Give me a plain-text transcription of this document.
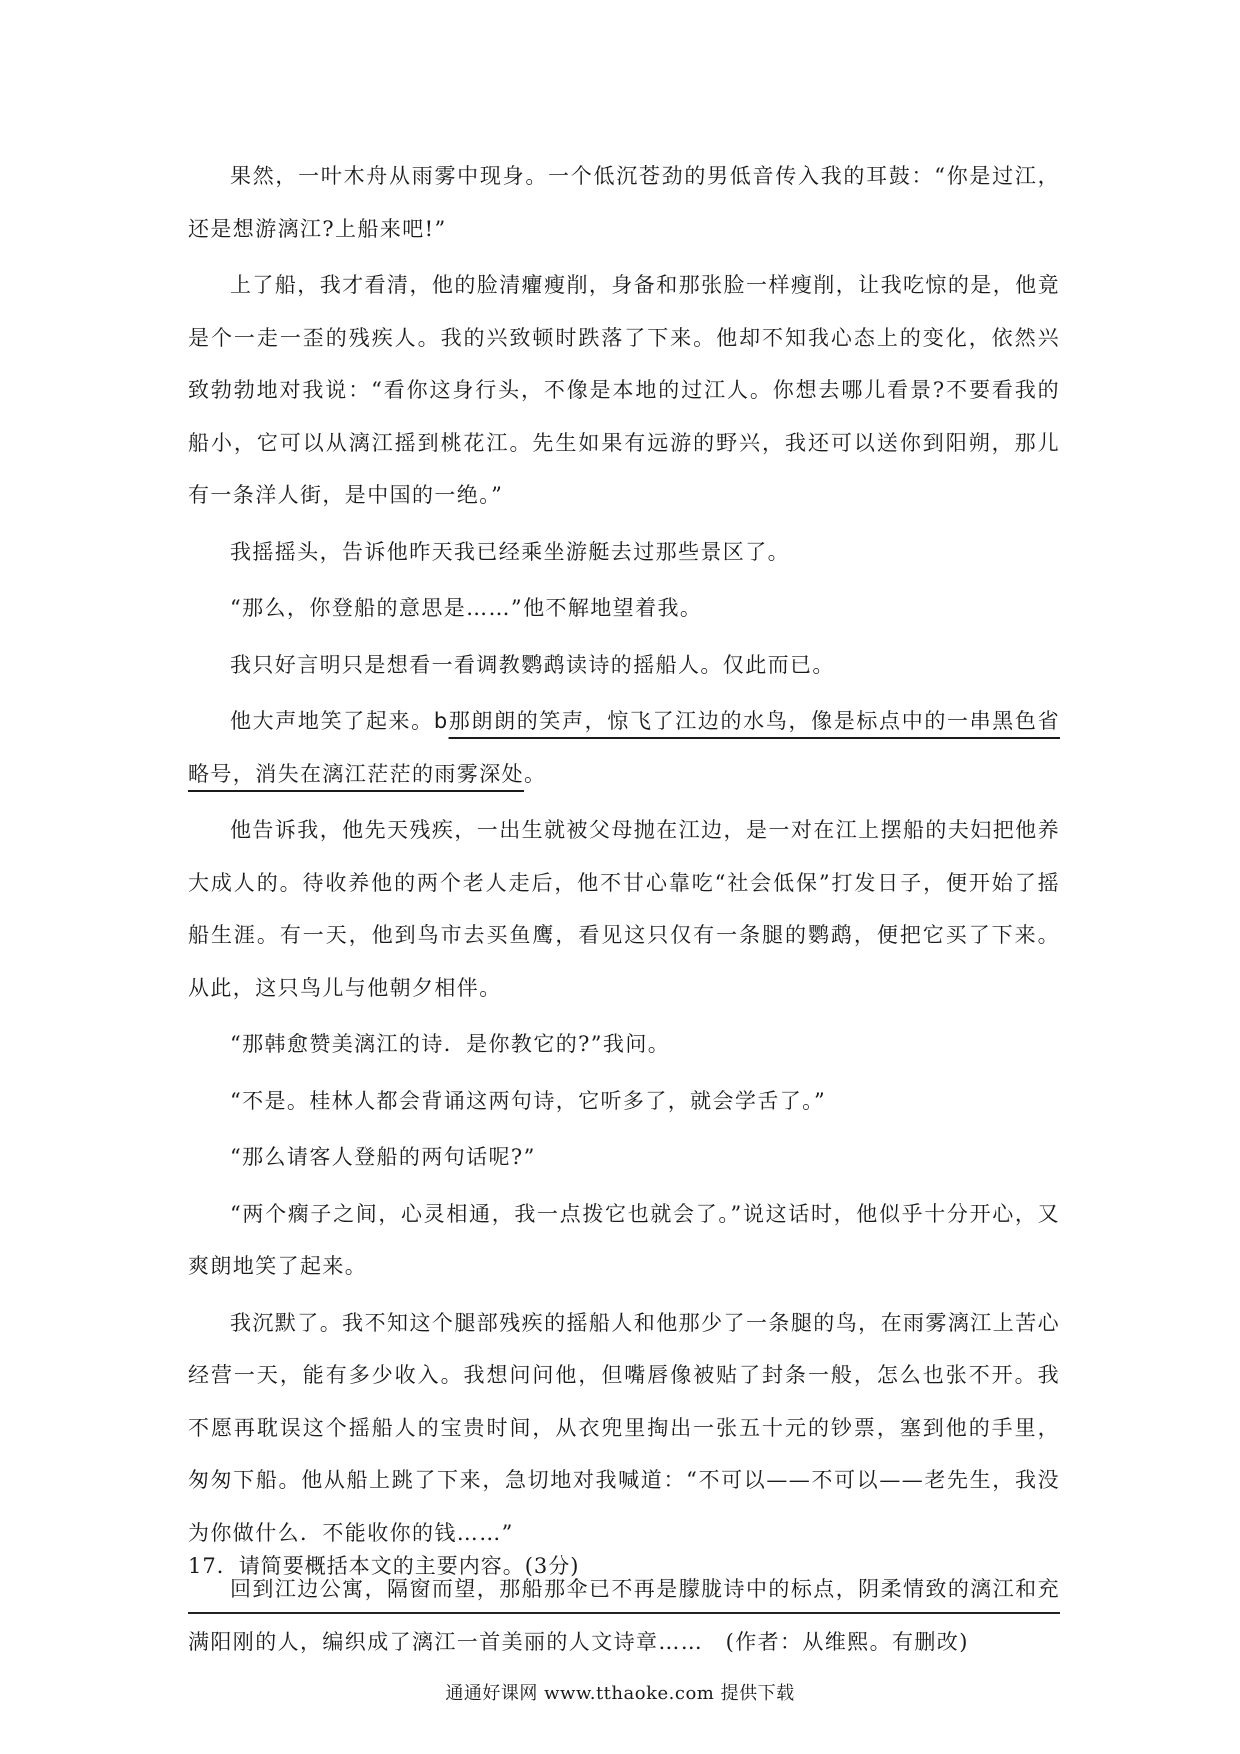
果然，一叶木舟从雨雾中现身。一个低沉苍劲的男低音传入我的耳鼓：“你是过江，还是想游漓江?上船来吧!”

上了船，我才看清，他的脸清癯瘦削，身备和那张脸一样瘦削，让我吃惊的是，他竟是个一走一歪的残疾人。我的兴致顿时跌落了下来。他却不知我心态上的变化，依然兴致勃勃地对我说：“看你这身行头，不像是本地的过江人。你想去哪儿看景?不要看我的船小，它可以从漓江摇到桃花江。先生如果有远游的野兴，我还可以送你到阳朔，那儿有一条洋人街，是中国的一绝。”

我摇摇头，告诉他昨天我已经乘坐游艇去过那些景区了。

“那么，你登船的意思是……”他不解地望着我。

我只好言明只是想看一看调教鹦鹉读诗的摇船人。仅此而已。

他大声地笑了起来。b那朗朗的笑声，惊飞了江边的水鸟，像是标点中的一串黑色省略号，消失在漓江茫茫的雨雾深处。

他告诉我，他先天残疾，一出生就被父母抛在江边，是一对在江上摆船的夫妇把他养大成人的。待收养他的两个老人走后，他不甘心靠吃“社会低保”打发日子，便开始了摇船生涯。有一天，他到鸟市去买鱼鹰，看见这只仅有一条腿的鹦鹉，便把它买了下来。从此，这只鸟儿与他朝夕相伴。

“那韩愈赞美漓江的诗．是你教它的?”我问。

“不是。桂林人都会背诵这两句诗，它听多了，就会学舌了。”

“那么请客人登船的两句话呢?”

“两个瘸子之间，心灵相通，我一点拨它也就会了。”说这话时，他似乎十分开心，又爽朗地笑了起来。

我沉默了。我不知这个腿部残疾的摇船人和他那少了一条腿的鸟，在雨雾漓江上苦心经营一天，能有多少收入。我想问问他，但嘴唇像被贴了封条一般，怎么也张不开。我不愿再耽误这个摇船人的宝贵时间，从衣兜里掏出一张五十元的钞票，塞到他的手里，匆匆下船。他从船上跳了下来，急切地对我喊道：“不可以——不可以——老先生，我没为你做什么．不能收你的钱……”

回到江边公寓，隔窗而望，那船那伞已不再是朦胧诗中的标点，阴柔情致的漓江和充满阳刚的人，编织成了漓江一首美丽的人文诗章……　(作者：从维熙。有删改)

17．请简要概括本文的主要内容。(3分)
通通好课网 www.tthaoke.com 提供下载
